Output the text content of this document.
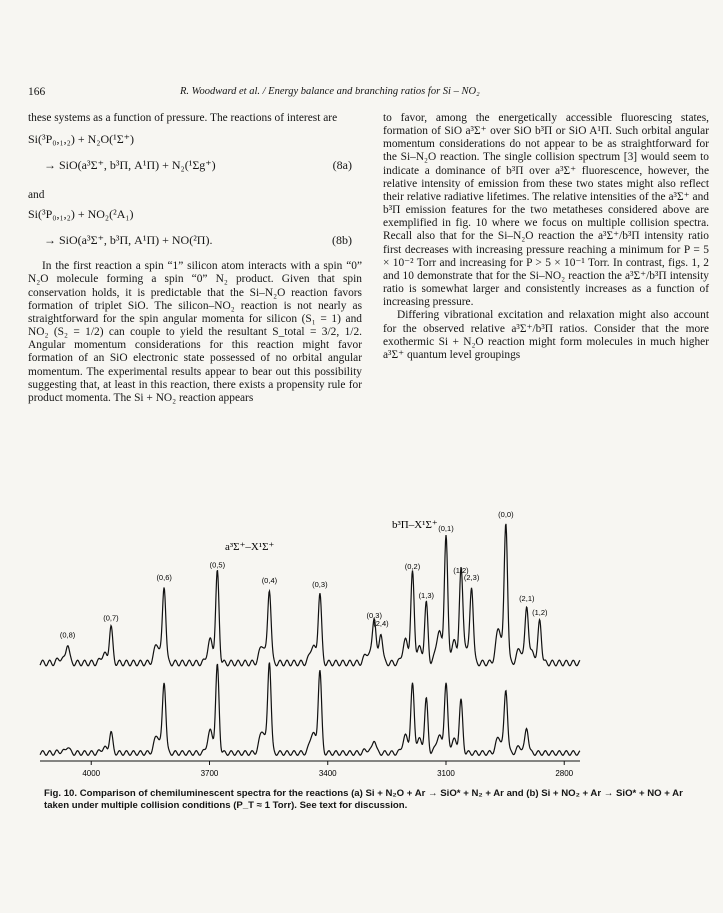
166	R. Woodward et al. / Energy balance and branching ratios for Si – NO₂

these systems as a function of pressure. The reactions of interest are

Si(³P₀,₁,₂) + N₂O(¹Σ⁺)
→ SiO(a³Σ⁺, b³Π, A¹Π) + N₂(¹Σg⁺)	(8a)

and

Si(³P₀,₁,₂) + NO₂(²A₁)
→ SiO(a³Σ⁺, b³Π, A¹Π) + NO(²Π).	(8b)

In the first reaction a spin “1” silicon atom interacts with a spin “0” N₂O molecule forming a spin “0” N₂ product. Given that spin conservation holds, it is predictable that the Si–N₂O reaction favors formation of triplet SiO. The silicon–NO₂ reaction is not nearly as straightforward for the spin angular momenta for silicon (S₁ = 1) and NO₂ (S₂ = 1/2) can couple to yield the resultant S_total = 3/2, 1/2. Angular momentum considerations for this reaction might favor formation of an SiO electronic state possessed of no orbital angular momentum. The experimental results appear to bear out this possibility suggesting that, at least in this reaction, there exists a propensity rule for product momenta. The Si + NO₂ reaction appears

to favor, among the energetically accessible fluorescing states, formation of SiO a³Σ⁺ over SiO b³Π or SiO A¹Π. Such orbital angular momentum considerations do not appear to be as straightforward for the Si–N₂O reaction. The single collision spectrum [3] would seem to indicate a dominance of b³Π over a³Σ⁺ fluorescence, however, the relative intensity of emission from these two states might also reflect their relative radiative lifetimes. The relative intensities of the a³Σ⁺ and b³Π emission features for the two metatheses considered above are exemplified in fig. 10 where we focus on multiple collision spectra. Recall also that for the Si–N₂O reaction the a³Σ⁺/b³Π intensity ratio first decreases with increasing pressure reaching a minimum for P = 5 × 10⁻² Torr and increasing for P > 5 × 10⁻¹ Torr. In contrast, figs. 1, 2 and 10 demonstrate that for the Si–NO₂ reaction the a³Σ⁺/b³Π intensity ratio is somewhat larger and consistently increases as a function of increasing pressure.

Differing vibrational excitation and relaxation might also account for the observed relative a³Σ⁺/b³Π ratios. Consider that the more exothermic Si + N₂O reaction might form molecules in much higher a³Σ⁺ quantum level groupings

a³Σ⁺–X¹Σ⁺
b³Π–X¹Σ⁺
4000	3700	3400	3100	2800
(0,8)
(0,7)
(0,6)
(0,5)
(0,4)	(0,3)
(0,3)
(2,4)
(0,2)
(1,3)
(0,1)
(1,2)
(2,3)
(0,0)
(2,1)
(1,2)
Fig. 10. Comparison of chemiluminescent spectra for the reactions (a) Si + N₂O + Ar → SiO* + N₂ + Ar and (b) Si + NO₂ + Ar → SiO* + NO + Ar taken under multiple collision conditions (P_T ≈ 1 Torr). See text for discussion.
